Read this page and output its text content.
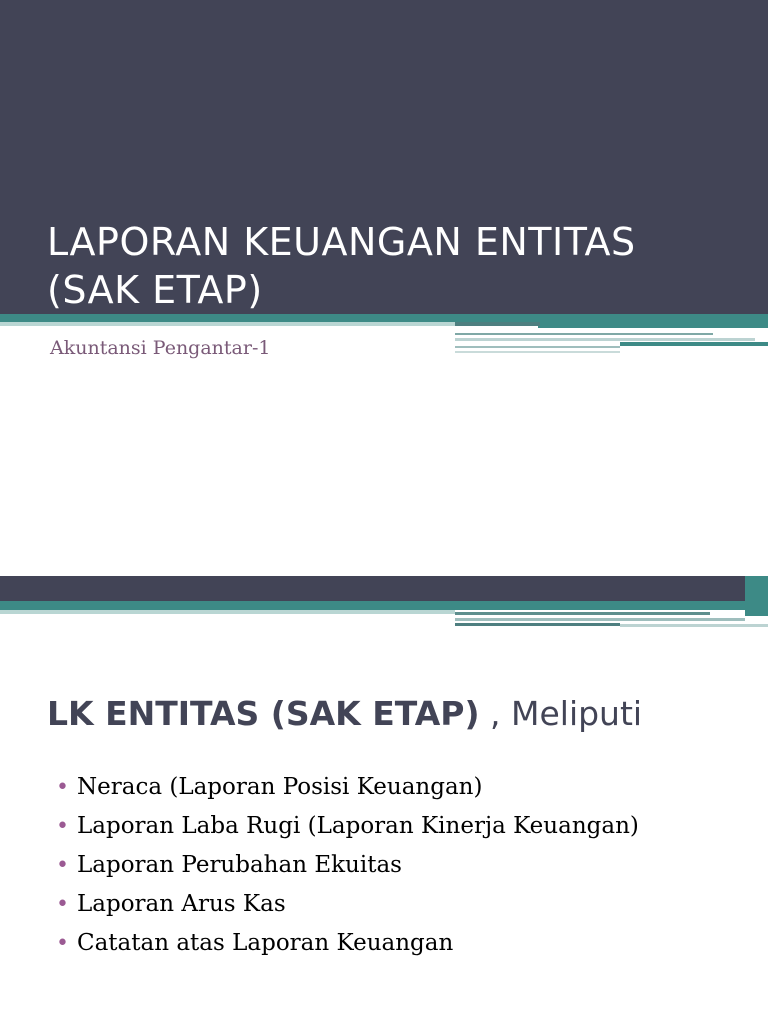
LAPORAN KEUANGAN ENTITAS
(SAK ETAP)

Akuntansi Pengantar-1

LK ENTITAS (SAK ETAP) , Meliputi
• Neraca (Laporan Posisi Keuangan)
• Laporan Laba Rugi (Laporan Kinerja Keuangan)
• Laporan Perubahan Ekuitas
• Laporan Arus Kas
• Catatan atas Laporan Keuangan
